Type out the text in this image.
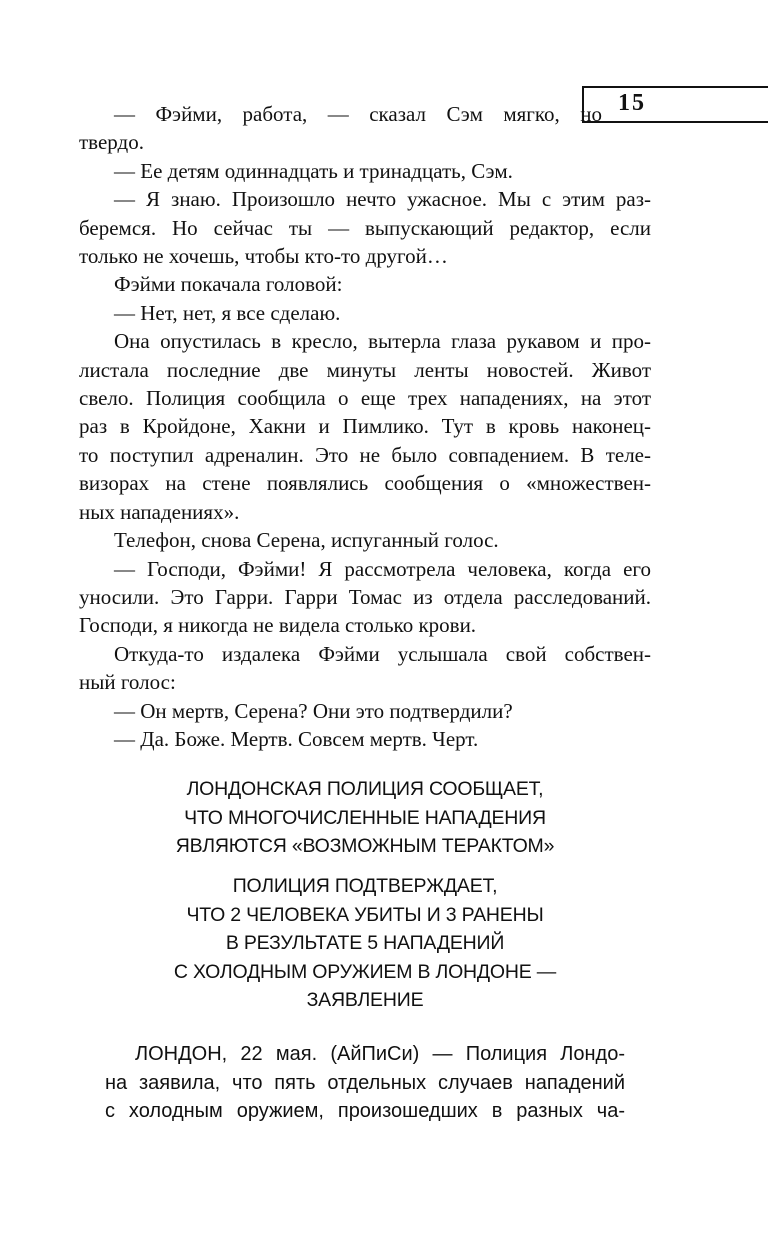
15
— Фэйми, работа, — сказал Сэм мягко, но
твердо.
— Ее детям одиннадцать и тринадцать, Сэм.
— Я знаю. Произошло нечто ужасное. Мы с этим раз-
беремся. Но сейчас ты — выпускающий редактор, если
только не хочешь, чтобы кто-то другой…
Фэйми покачала головой:
— Нет, нет, я все сделаю.
Она опустилась в кресло, вытерла глаза рукавом и про-
листала последние две минуты ленты новостей. Живот
свело. Полиция сообщила о еще трех нападениях, на этот
раз в Кройдоне, Хакни и Пимлико. Тут в кровь наконец-
то поступил адреналин. Это не было совпадением. В теле-
визорах на стене появлялись сообщения о «множествен-
ных нападениях».
Телефон, снова Серена, испуганный голос.
— Господи, Фэйми! Я рассмотрела человека, когда его
уносили. Это Гарри. Гарри Томас из отдела расследований.
Господи, я никогда не видела столько крови.
Откуда-то издалека Фэйми услышала свой собствен-
ный голос:
— Он мертв, Серена? Они это подтвердили?
— Да. Боже. Мертв. Совсем мертв. Черт.
ЛОНДОНСКАЯ ПОЛИЦИЯ СООБЩАЕТ,
ЧТО МНОГОЧИСЛЕННЫЕ НАПАДЕНИЯ
ЯВЛЯЮТСЯ «ВОЗМОЖНЫМ ТЕРАКТОМ»
ПОЛИЦИЯ ПОДТВЕРЖДАЕТ,
ЧТО 2 ЧЕЛОВЕКА УБИТЫ И 3 РАНЕНЫ
В РЕЗУЛЬТАТЕ 5 НАПАДЕНИЙ
С ХОЛОДНЫМ ОРУЖИЕМ В ЛОНДОНЕ —
ЗАЯВЛЕНИЕ
ЛОНДОН, 22 мая. (АйПиСи) — Полиция Лондо-
на заявила, что пять отдельных случаев нападений
с холодным оружием, произошедших в разных ча-
